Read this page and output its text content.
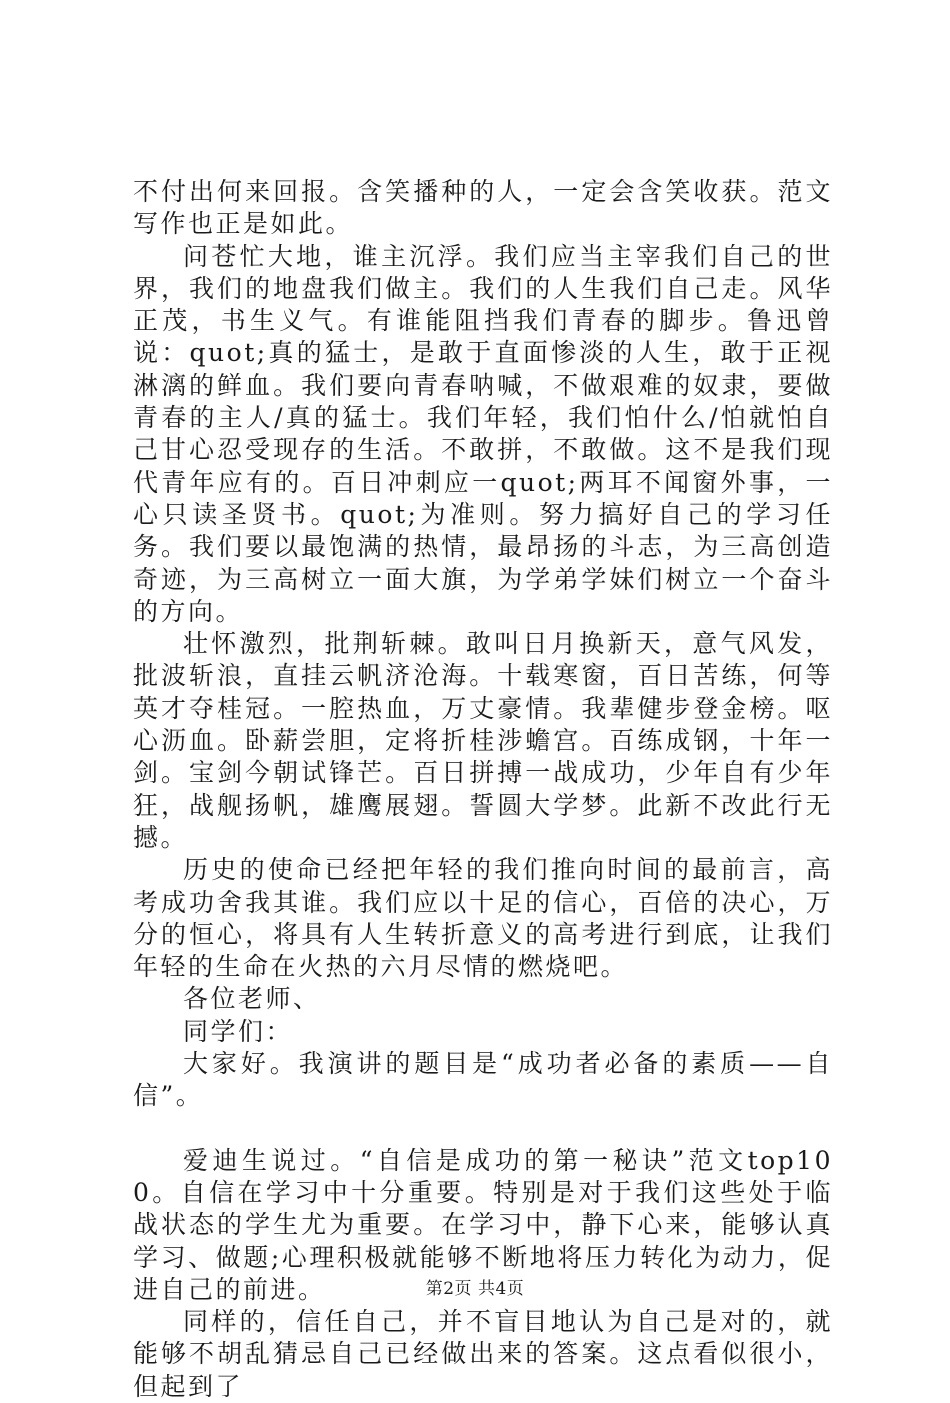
不付出何来回报。含笑播种的人，一定会含笑收获。范文写作也正是如此。

问苍忙大地，谁主沉浮。我们应当主宰我们自己的世界，我们的地盘我们做主。我们的人生我们自己走。风华正茂，书生义气。有谁能阻挡我们青春的脚步。鲁迅曾说：quot;真的猛士，是敢于直面惨淡的人生，敢于正视淋漓的鲜血。我们要向青春呐喊，不做艰难的奴隶，要做青春的主人/真的猛士。我们年轻，我们怕什么/怕就怕自己甘心忍受现存的生活。不敢拼，不敢做。这不是我们现代青年应有的。百日冲刺应一quot;两耳不闻窗外事，一心只读圣贤书。quot;为准则。努力搞好自己的学习任务。我们要以最饱满的热情，最昂扬的斗志，为三高创造奇迹，为三高树立一面大旗，为学弟学妹们树立一个奋斗的方向。

壮怀激烈，批荆斩棘。敢叫日月换新天，意气风发，批波斩浪，直挂云帆济沧海。十载寒窗，百日苦练，何等英才夺桂冠。一腔热血，万丈豪情。我辈健步登金榜。呕心沥血。卧薪尝胆，定将折桂涉蟾宫。百练成钢，十年一剑。宝剑今朝试锋芒。百日拼搏一战成功，少年自有少年狂，战舰扬帆，雄鹰展翅。誓圆大学梦。此新不改此行无撼。

历史的使命已经把年轻的我们推向时间的最前言，高考成功舍我其谁。我们应以十足的信心，百倍的决心，万分的恒心，将具有人生转折意义的高考进行到底，让我们年轻的生命在火热的六月尽情的燃烧吧。

各位老师、

同学们：

大家好。我演讲的题目是“成功者必备的素质——自信”。

爱迪生说过。“自信是成功的第一秘诀”范文top100。自信在学习中十分重要。特别是对于我们这些处于临战状态的学生尤为重要。在学习中，静下心来，能够认真学习、做题;心理积极就能够不断地将压力转化为动力，促进自己的前进。

同样的，信任自己，并不盲目地认为自己是对的，就能够不胡乱猜忌自己已经做出来的答案。这点看似很小，但起到了

第2页 共4页
